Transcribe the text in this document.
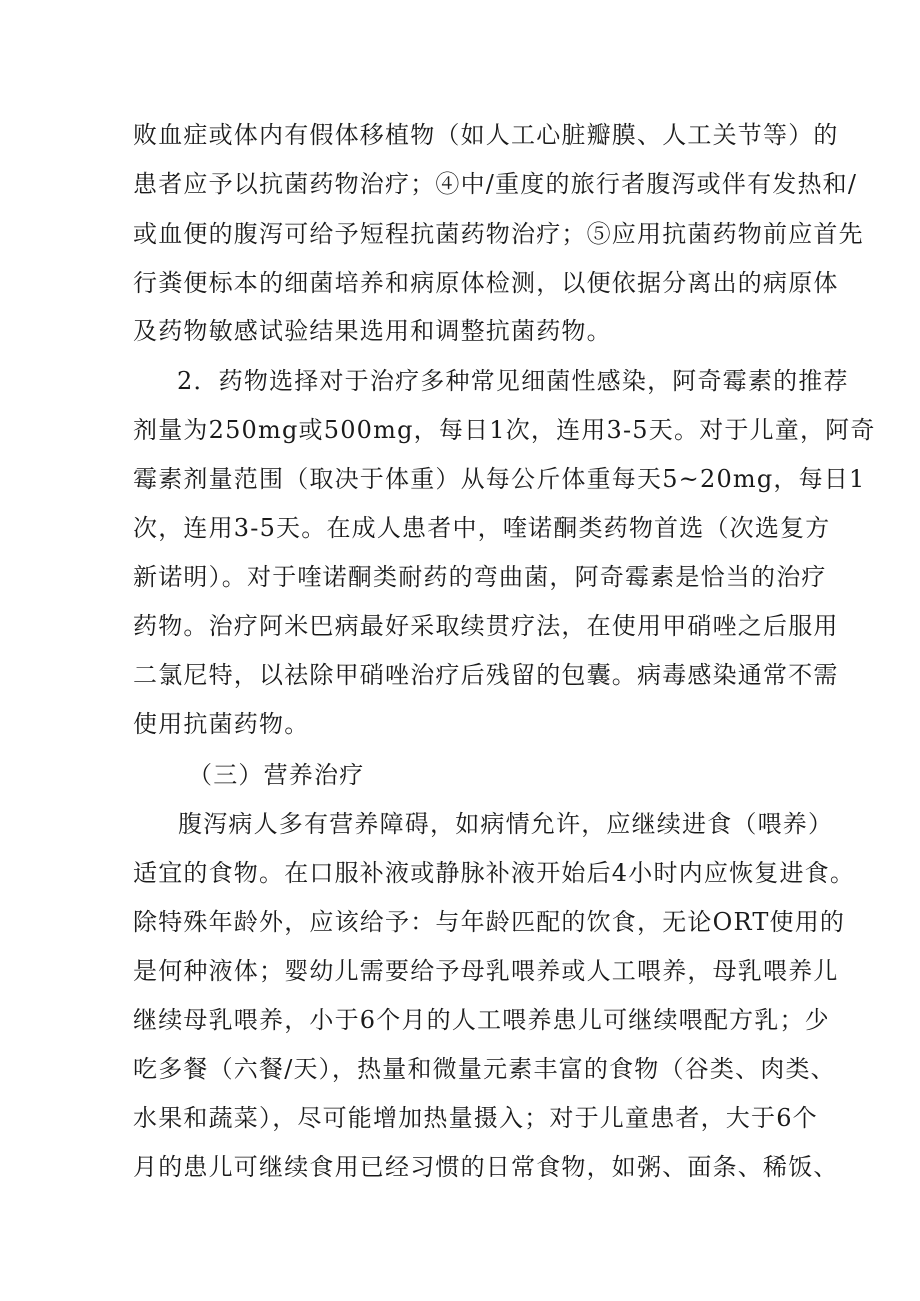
败血症或体内有假体移植物（如人工心脏瓣膜、人工关节等）的
患者应予以抗菌药物治疗；④中/重度的旅行者腹泻或伴有发热和/
或血便的腹泻可给予短程抗菌药物治疗；⑤应用抗菌药物前应首先
行粪便标本的细菌培养和病原体检测，以便依据分离出的病原体
及药物敏感试验结果选用和调整抗菌药物。
2．药物选择对于治疗多种常见细菌性感染，阿奇霉素的推荐
剂量为250mg或500mg，每日1次，连用3-5天。对于儿童，阿奇
霉素剂量范围（取决于体重）从每公斤体重每天5~20mg，每日1
次，连用3-5天。在成人患者中，喹诺酮类药物首选（次选复方
新诺明）。对于喹诺酮类耐药的弯曲菌，阿奇霉素是恰当的治疗
药物。治疗阿米巴病最好采取续贯疗法，在使用甲硝唑之后服用
二氯尼特，以祛除甲硝唑治疗后残留的包囊。病毒感染通常不需
使用抗菌药物。
（三）营养治疗
腹泻病人多有营养障碍，如病情允许，应继续进食（喂养）
适宜的食物。在口服补液或静脉补液开始后4小时内应恢复进食。
除特殊年龄外，应该给予：与年龄匹配的饮食，无论ORT使用的
是何种液体；婴幼儿需要给予母乳喂养或人工喂养，母乳喂养儿
继续母乳喂养，小于6个月的人工喂养患儿可继续喂配方乳；少
吃多餐（六餐/天），热量和微量元素丰富的食物（谷类、肉类、
水果和蔬菜），尽可能增加热量摄入；对于儿童患者，大于6个
月的患儿可继续食用已经习惯的日常食物，如粥、面条、稀饭、
